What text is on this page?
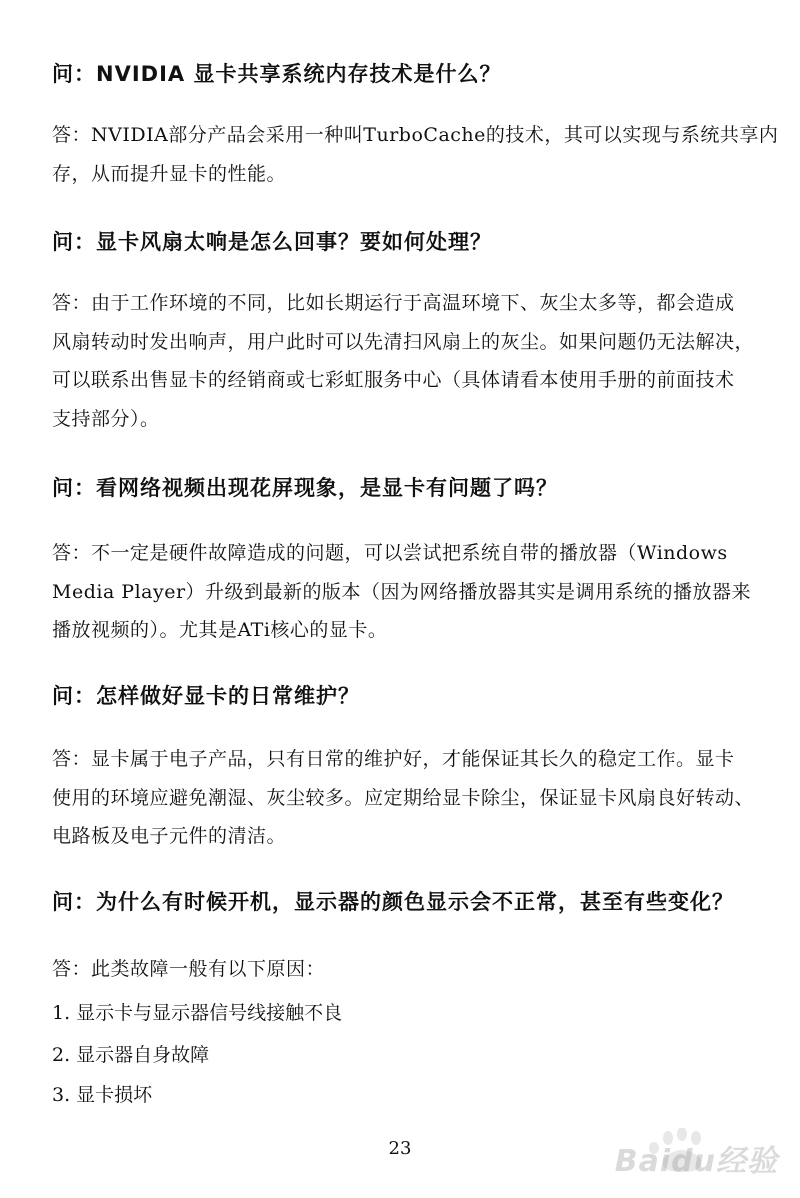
问：NVIDIA 显卡共享系统内存技术是什么？
答：NVIDIA部分产品会采用一种叫TurboCache的技术，其可以实现与系统共享内
存，从而提升显卡的性能。
问：显卡风扇太响是怎么回事？要如何处理？
答：由于工作环境的不同，比如长期运行于高温环境下、灰尘太多等，都会造成
风扇转动时发出响声，用户此时可以先清扫风扇上的灰尘。如果问题仍无法解决，
可以联系出售显卡的经销商或七彩虹服务中心（具体请看本使用手册的前面技术
支持部分）。
问：看网络视频出现花屏现象，是显卡有问题了吗？
答：不一定是硬件故障造成的问题，可以尝试把系统自带的播放器（Windows
Media Player）升级到最新的版本（因为网络播放器其实是调用系统的播放器来
播放视频的）。尤其是ATi核心的显卡。
问：怎样做好显卡的日常维护？
答：显卡属于电子产品，只有日常的维护好，才能保证其长久的稳定工作。显卡
使用的环境应避免潮湿、灰尘较多。应定期给显卡除尘，保证显卡风扇良好转动、
电路板及电子元件的清洁。
问：为什么有时候开机，显示器的颜色显示会不正常，甚至有些变化？
答：此类故障一般有以下原因：
1. 显示卡与显示器信号线接触不良
2. 显示器自身故障
3. 显卡损坏
23	Baidu经验
